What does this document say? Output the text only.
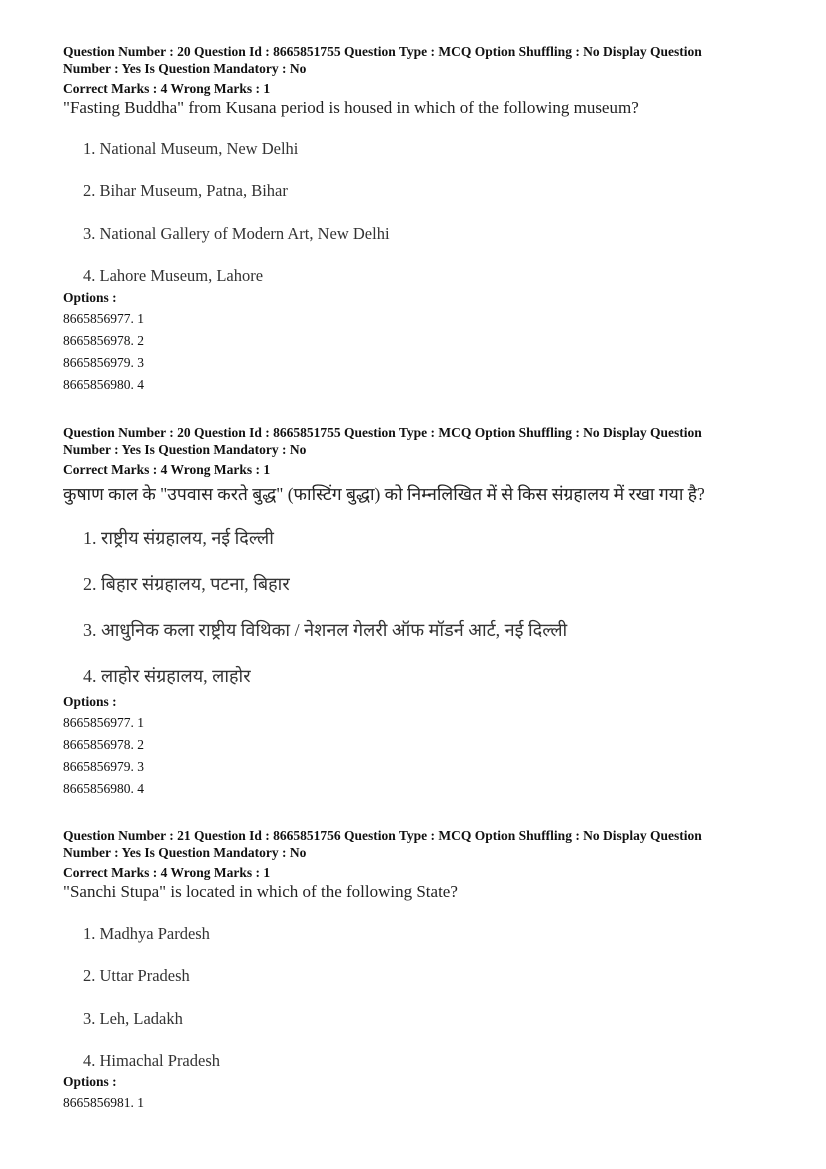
Question Number : 20 Question Id : 8665851755 Question Type : MCQ Option Shuffling : No Display Question

Number : Yes Is Question Mandatory : No

Correct Marks : 4 Wrong Marks : 1

"Fasting Buddha" from Kusana period is housed in which of the following museum?

1. National Museum, New Delhi
2. Bihar Museum, Patna, Bihar
3. National Gallery of Modern Art, New Delhi
4. Lahore Museum, Lahore
Options :
8665856977. 1
8665856978. 2
8665856979. 3
8665856980. 4

Question Number : 20 Question Id : 8665851755 Question Type : MCQ Option Shuffling : No Display Question

Number : Yes Is Question Mandatory : No

Correct Marks : 4 Wrong Marks : 1

कुषाण काल के "उपवास करते बुद्ध" (फास्टिंग बुद्धा) को निम्नलिखित में से किस संग्रहालय में रखा गया है?

1. राष्ट्रीय संग्रहालय, नई दिल्ली
2. बिहार संग्रहालय, पटना, बिहार
3. आधुनिक कला राष्ट्रीय विथिका / नेशनल गेलरी ऑफ मॉडर्न आर्ट, नई दिल्ली
4. लाहोर संग्रहालय, लाहोर
Options :
8665856977. 1
8665856978. 2
8665856979. 3
8665856980. 4

Question Number : 21 Question Id : 8665851756 Question Type : MCQ Option Shuffling : No Display Question

Number : Yes Is Question Mandatory : No

Correct Marks : 4 Wrong Marks : 1

"Sanchi Stupa" is located in which of the following State?

1. Madhya Pardesh
2. Uttar Pradesh
3. Leh, Ladakh
4. Himachal Pradesh
Options :
8665856981. 1
